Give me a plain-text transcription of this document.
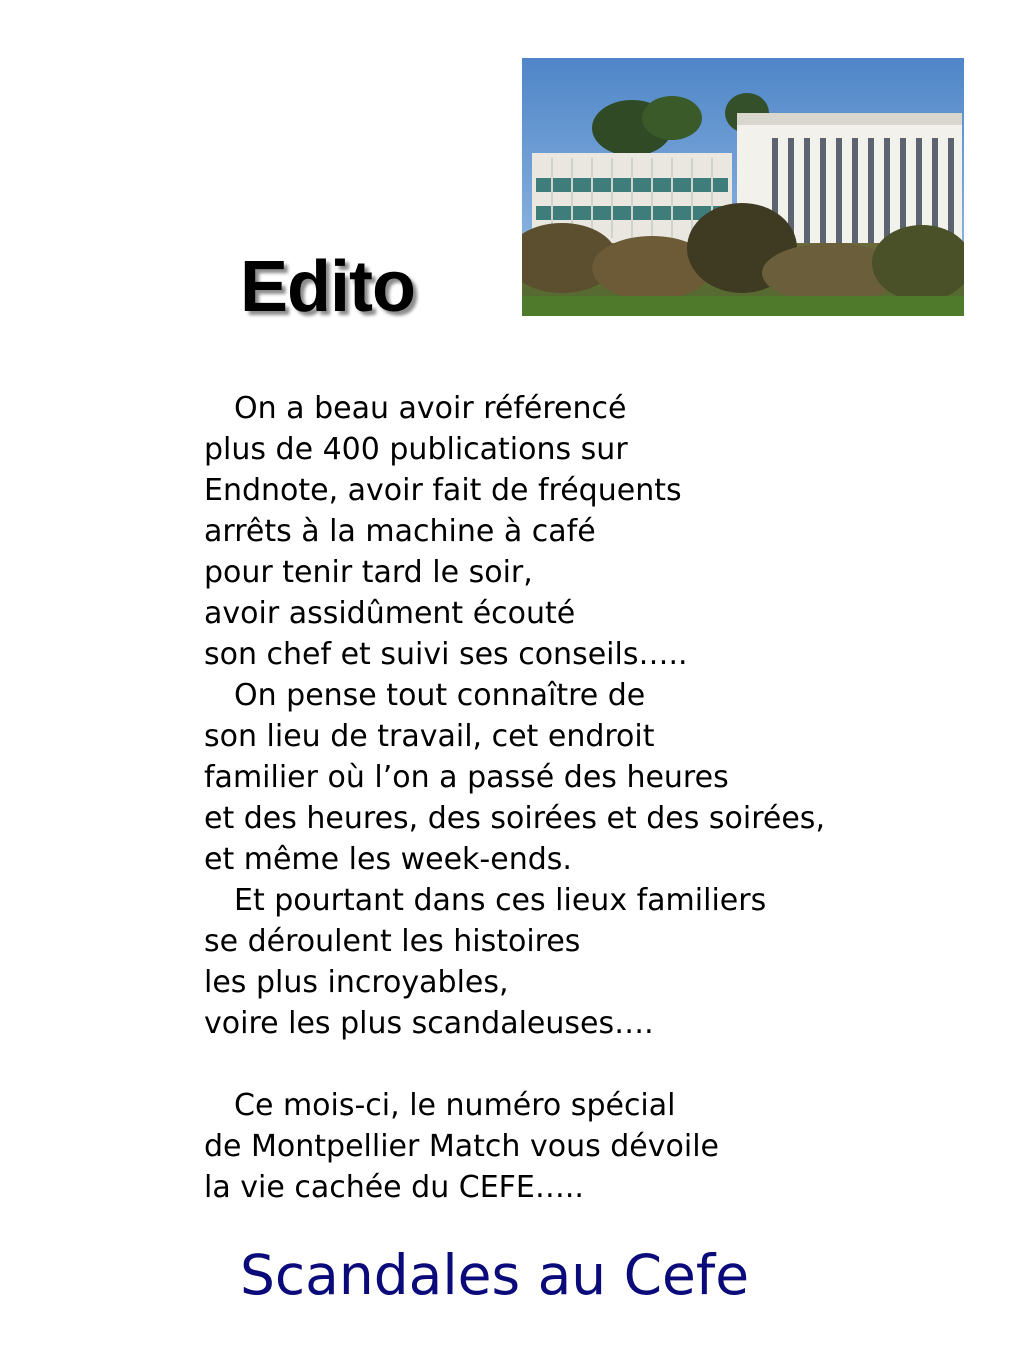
Edito
On a beau avoir référencé
plus de 400 publications sur
Endnote, avoir fait de fréquents
arrêts à la machine à café
pour tenir tard le soir,
avoir assidûment écouté
son chef et suivi ses conseils…..
On pense tout connaître de
son lieu de travail, cet endroit
familier où l’on a passé des heures
et des heures, des soirées et des soirées,
et même les week-ends.
Et pourtant dans ces lieux familiers
se déroulent les histoires
les plus incroyables,
voire les plus scandaleuses….
Ce mois-ci, le numéro spécial
de Montpellier Match vous dévoile
la vie cachée du CEFE…..
Scandales au Cefe
